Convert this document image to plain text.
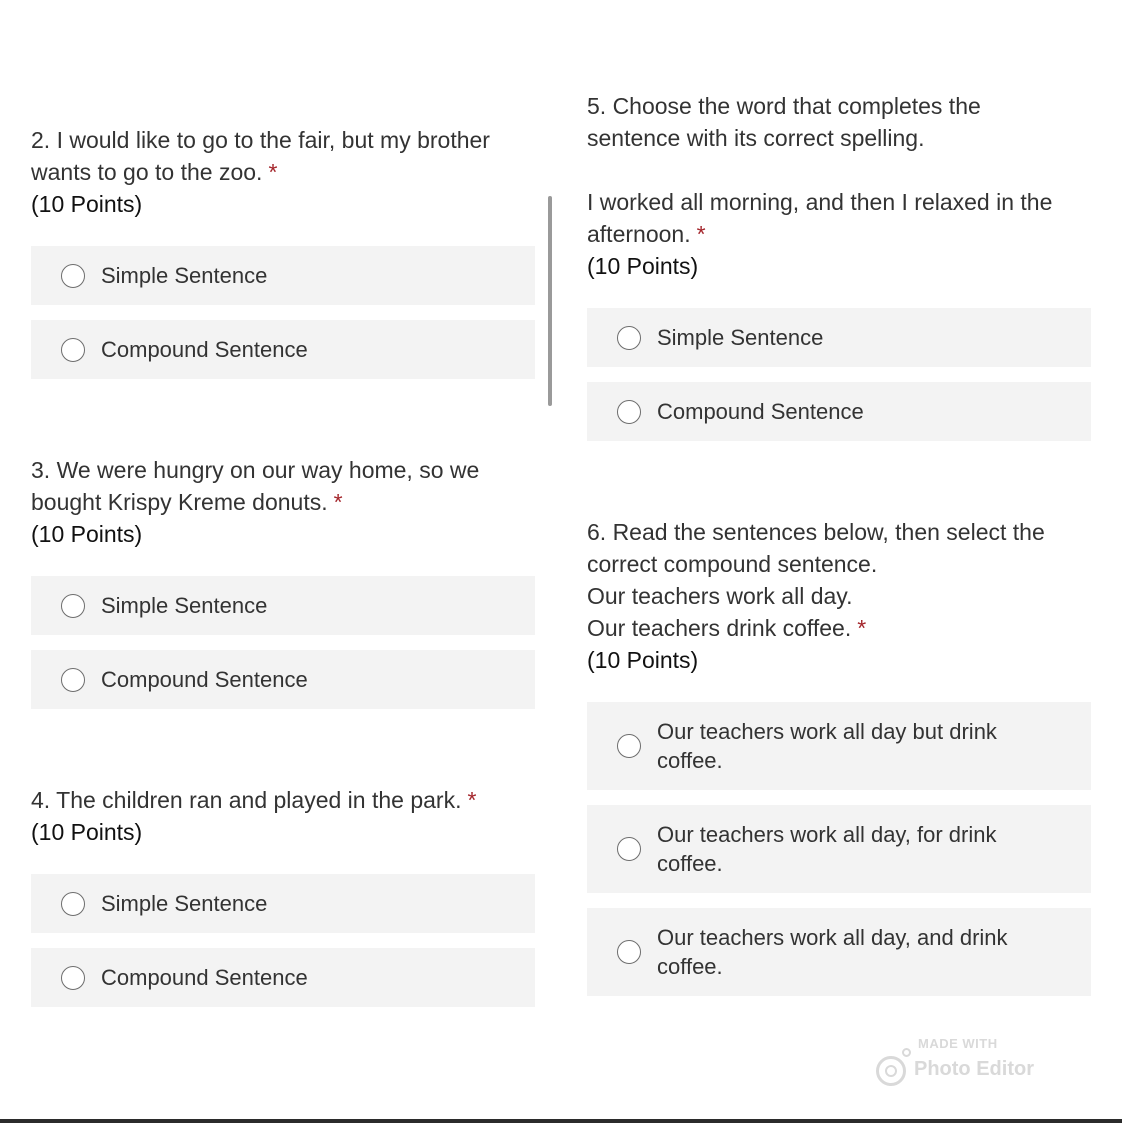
2. I would like to go to the fair, but my brother
wants to go to the zoo. *
(10 Points)
Simple Sentence
Compound Sentence
3. We were hungry on our way home, so we
bought Krispy Kreme donuts. *
(10 Points)
Simple Sentence
Compound Sentence
4. The children ran and played in the park. *
(10 Points)
Simple Sentence
Compound Sentence
5. Choose the word that completes the
sentence with its correct spelling.
I worked all morning, and then I relaxed in the
afternoon. *
(10 Points)
Simple Sentence
Compound Sentence
6. Read the sentences below, then select the
correct compound sentence.
Our teachers work all day.
Our teachers drink coffee. *
(10 Points)
Our teachers work all day but drink coffee.
Our teachers work all day, for drink coffee.
Our teachers work all day, and drink coffee.
MADE WITH
Photo Editor
